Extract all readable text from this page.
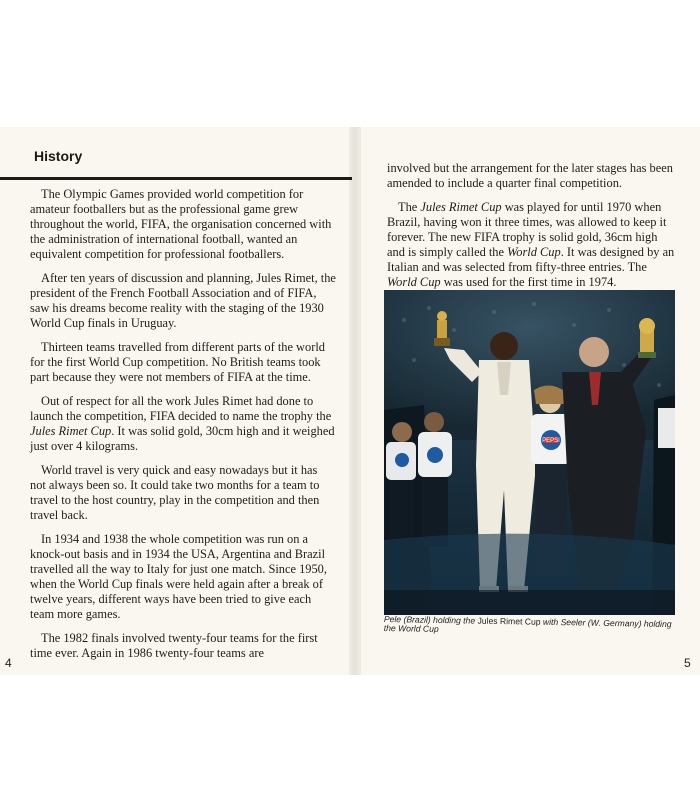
History

The Olympic Games provided world competition for amateur footballers but as the professional game grew throughout the world, FIFA, the organisation concerned with the administration of international football, wanted an equivalent competition for professional footballers.

After ten years of discussion and planning, Jules Rimet, the president of the French Football Association and of FIFA, saw his dreams become reality with the staging of the 1930 World Cup finals in Uruguay.

Thirteen teams travelled from different parts of the world for the first World Cup competition. No British teams took part because they were not members of FIFA at the time.

Out of respect for all the work Jules Rimet had done to launch the competition, FIFA decided to name the trophy the Jules Rimet Cup. It was solid gold, 30cm high and it weighed just over 4 kilograms.

World travel is very quick and easy nowadays but it has not always been so. It could take two months for a team to travel to the host country, play in the competition and then travel back.

In 1934 and 1938 the whole competition was run on a knock-out basis and in 1934 the USA, Argentina and Brazil travelled all the way to Italy for just one match. Since 1950, when the World Cup finals were held again after a break of twelve years, different ways have been tried to give each team more games.

The 1982 finals involved twenty-four teams for the first time ever. Again in 1986 twenty-four teams are

4

involved but the arrangement for the later stages has been amended to include a quarter final competition.

The Jules Rimet Cup was played for until 1970 when Brazil, having won it three times, was allowed to keep it forever. The new FIFA trophy is solid gold, 36cm high and is simply called the World Cup. It was designed by an Italian and was selected from fifty-three entries. The World Cup was used for the first time in 1974.

PEPSI
Pele (Brazil) holding the Jules Rimet Cup with Seeler (W. Germany) holding the World Cup
5
